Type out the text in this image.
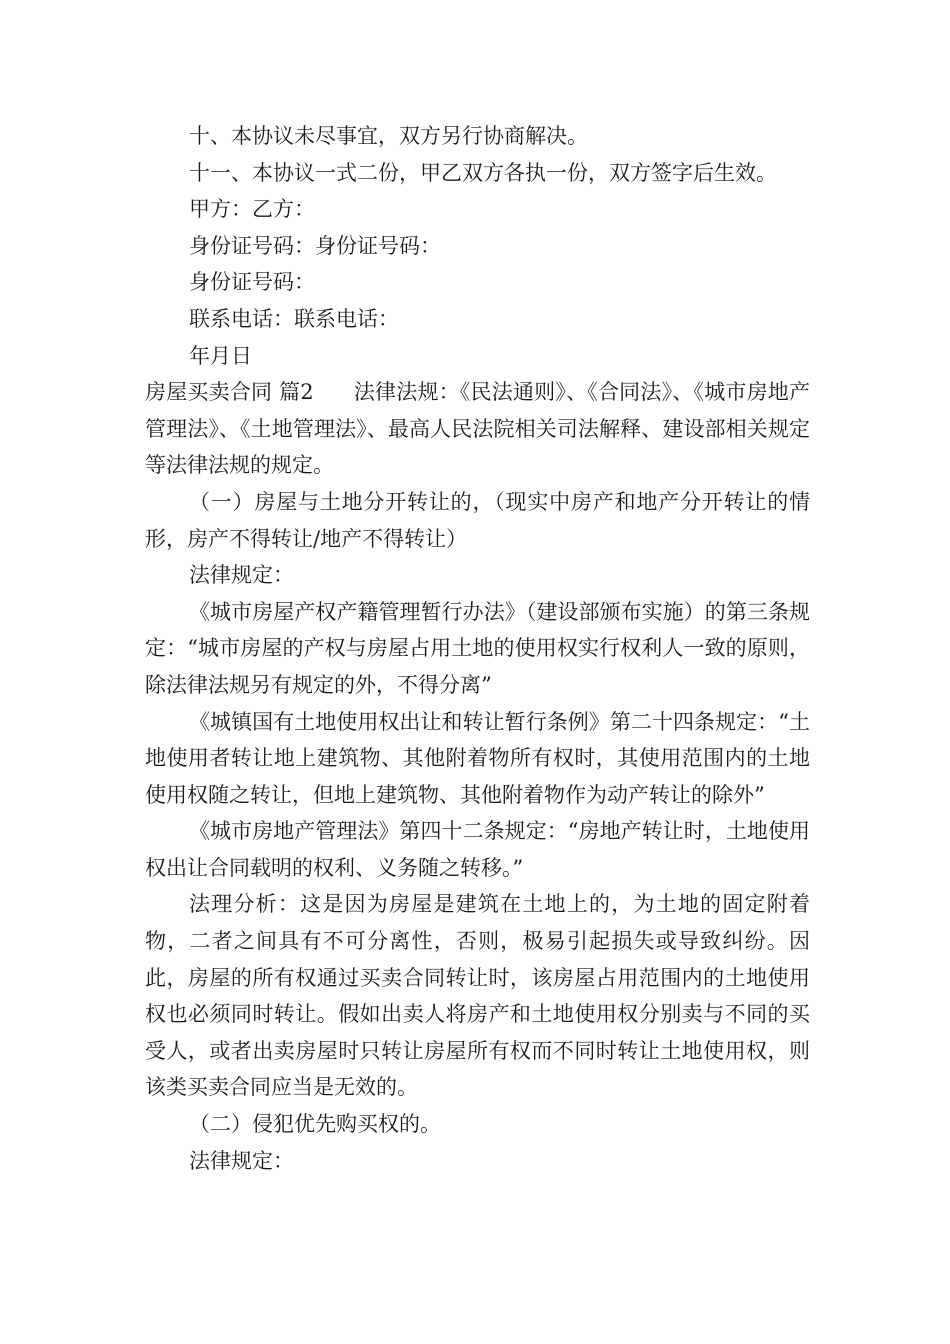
十、本协议未尽事宜，双方另行协商解决。

十一、本协议一式二份，甲乙双方各执一份，双方签字后生效。

甲方：乙方：

身份证号码：身份证号码：

身份证号码：

联系电话：联系电话：

年月日

房屋买卖合同 篇2 法律法规：《民法通则》、《合同法》、《城市房地产管理法》、《土地管理法》、最高人民法院相关司法解释、建设部相关规定等法律法规的规定。

（一）房屋与土地分开转让的，（现实中房产和地产分开转让的情形，房产不得转让/地产不得转让）

法律规定：

《城市房屋产权产籍管理暂行办法》（建设部颁布实施）的第三条规定：“城市房屋的产权与房屋占用土地的使用权实行权利人一致的原则，除法律法规另有规定的外，不得分离”

《城镇国有土地使用权出让和转让暂行条例》第二十四条规定：“土地使用者转让地上建筑物、其他附着物所有权时，其使用范围内的土地使用权随之转让，但地上建筑物、其他附着物作为动产转让的除外”

《城市房地产管理法》第四十二条规定：“房地产转让时，土地使用权出让合同载明的权利、义务随之转移。”

法理分析：这是因为房屋是建筑在土地上的，为土地的固定附着物，二者之间具有不可分离性，否则，极易引起损失或导致纠纷。因此，房屋的所有权通过买卖合同转让时，该房屋占用范围内的土地使用权也必须同时转让。假如出卖人将房产和土地使用权分别卖与不同的买受人，或者出卖房屋时只转让房屋所有权而不同时转让土地使用权，则该类买卖合同应当是无效的。

（二）侵犯优先购买权的。

法律规定：
